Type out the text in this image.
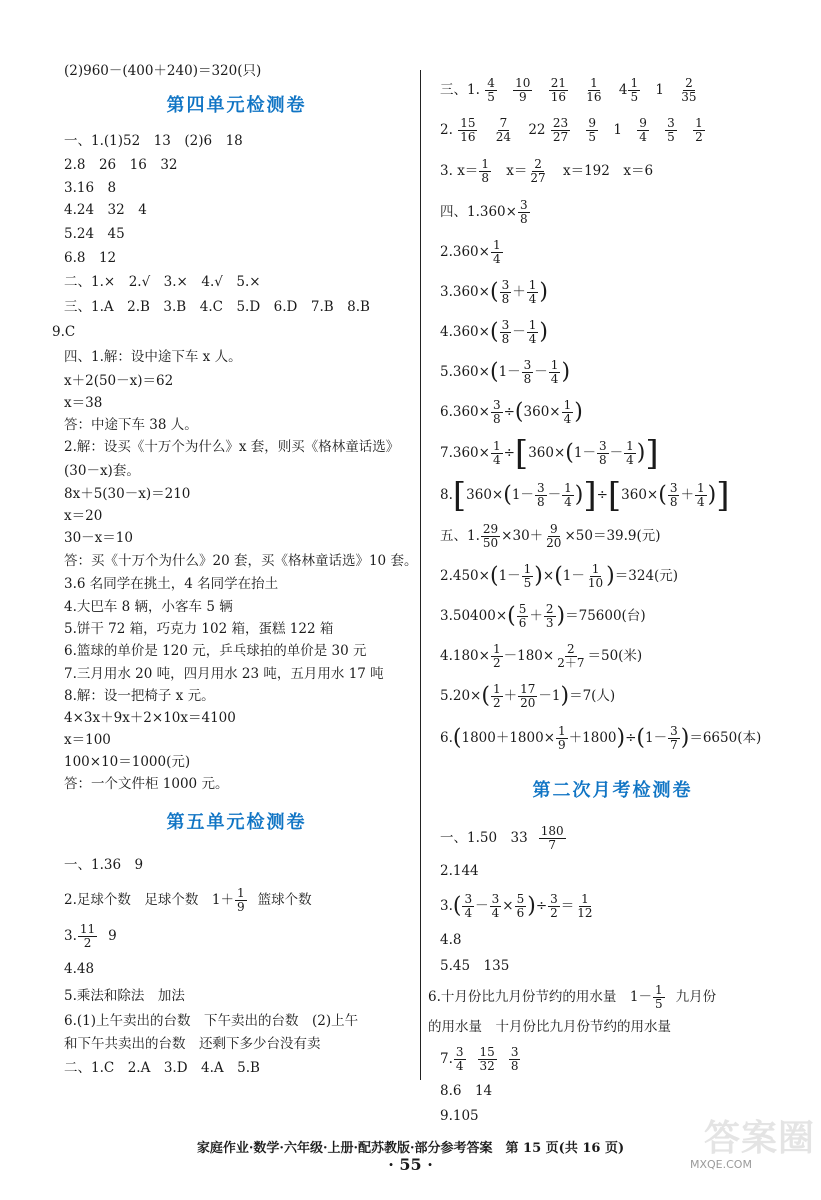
(2)960－(400＋240)＝320(只)
第四单元检测卷
一、1.(1)52　13　(2)6　18
2.8　26　16　32
3.16　8
4.24　32　4
5.24　45
6.8　12
二、1.×　2.√　3.×　4.√　5.×
三、1.A　2.B　3.B　4.C　5.D　6.D　7.B　8.B
9.C
四、1.解：设中途下车 x 人。
x＋2(50－x)＝62
x＝38
答：中途下车 38 人。
2.解：设买《十万个为什么》x 套，则买《格林童话选》
(30－x)套。
8x＋5(30－x)＝210
x＝20
30－x＝10
答：买《十万个为什么》20 套，买《格林童话选》10 套。
3.6 名同学在挑土，4 名同学在抬土
4.大巴车 8 辆，小客车 5 辆
5.饼干 72 箱，巧克力 102 箱，蛋糕 122 箱
6.篮球的单价是 120 元，乒乓球拍的单价是 30 元
7.三月用水 20 吨，四月用水 23 吨，五月用水 17 吨
8.解：设一把椅子 x 元。
4×3x＋9x＋2×10x＝4100
x＝100
100×10＝1000(元)
答：一个文件柜 1000 元。
第五单元检测卷
一、1.36　9
2.足球个数　足球个数　$1+ \frac{1}{9}$ 篮球个数
3. $\frac{11}{2} 9$
4.48
5.乘法和除法　加法
6.(1)上午卖出的台数　下午卖出的台数　(2)上午
和下午共卖出的台数　还剩下多少台没有卖
二、1.C　2.A　3.D　4.A　5.B
三、1. $\frac{4}{5}$
$\frac{10}{9}$
$\frac{21}{16}$
$\frac{1}{16} 4 \frac{1}{5} 1 \frac{2}{35}$
2. $\frac{15}{16}$
$\frac{7}{24} 22 \frac{23}{27}$
$\frac{9}{5} 1 \frac{9}{4}$
$\frac{3}{5}$
$\frac{1}{2}$
3. $x= \frac{1}{8} x= \frac{2}{27} x=192$　x＝6
四、$1.360\times \frac{3}{8}$
$2.360\times \frac{1}{4}$
$3.360\times( \frac{3}{8} + \frac{1}{4}$ )
$4.360\times( \frac{3}{8} - \frac{1}{4}$ )
$5.360\times(1- \frac{3}{8} - \frac{1}{4}$ )
$6.360\times \frac{3}{8} \div(360\times \frac{1}{4}$ )
$7.360\times \frac{1}{4} \div[360\times(1- \frac{3}{8} - \frac{1}{4}$ )]
$8.[360\times(1- \frac{3}{8} - \frac{1}{4} )]\div[360\times( \frac{3}{8} + \frac{1}{4}$ )]
五、1. $\frac{29}{50} \times 30+ \frac{9}{20} \times 50=39.9$(元)
$2.450\times(1- \frac{1}{5} )\times(1- \frac{1}{10} )=324$(元)
$3.50400\times( \frac{5}{6} + \frac{2}{3} )=75600$(台)
$4.180\times \frac{1}{2} -180\times \frac{2}{2+7} =50$(米)
$5.20\times( \frac{1}{2} + \frac{17}{20} -1)=7$(人)
$6.(1800+1800\times \frac{1}{9} +1800)\div(1- \frac{3}{7} )=6650$(本)
第二次月考检测卷
一、1.50　$33 \frac{180}{7}$
2.144
$3.( \frac{3}{4} - \frac{3}{4} \times \frac{5}{6}$ )÷ $\frac{3}{2} = \frac{1}{12}$
4.8
5.45　135
6.十月份比九月份节约的用水量　$1- \frac{1}{5}$ 九月份
的用水量　十月份比九月份节约的用水量
7. $\frac{3}{4} \frac{15}{32} \frac{3}{8}$
8.6　14
9.105
家庭作业·数学·六年级·上册·配苏教版·部分参考答案　第 15 页(共 16 页)
· 55 ·
答案圈
MXQE.COM
